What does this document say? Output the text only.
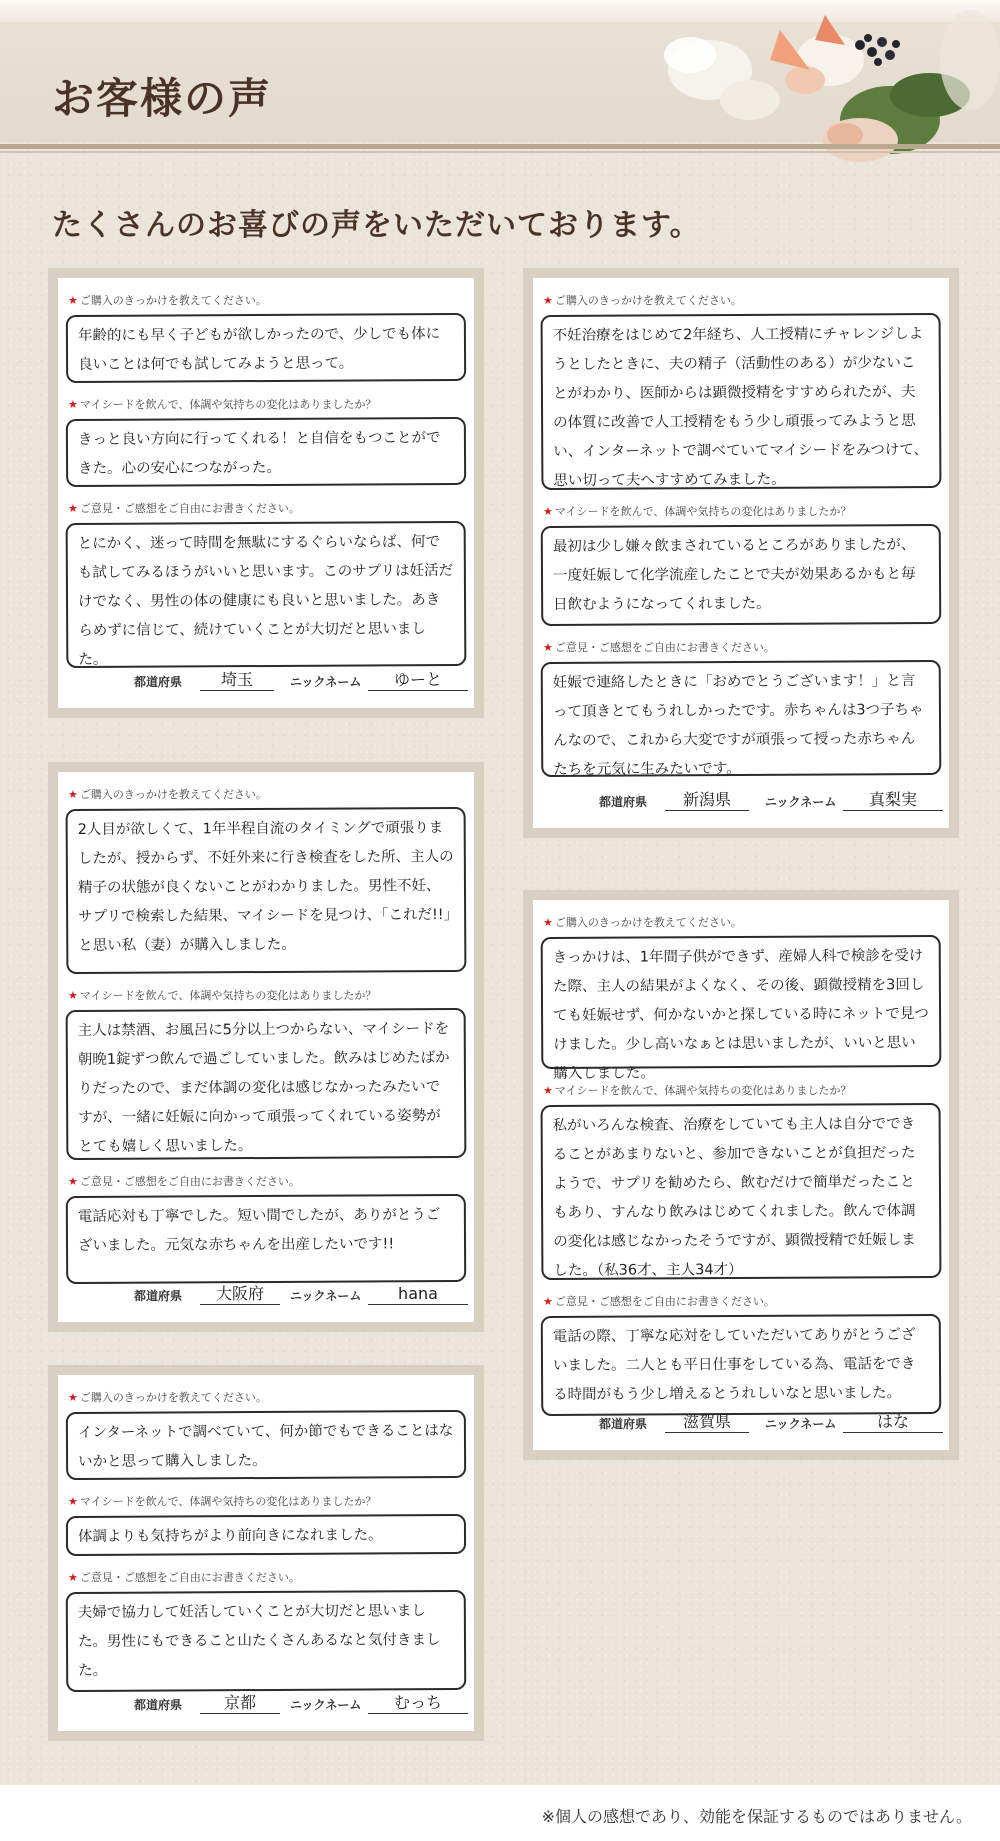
お客様の声
たくさんのお喜びの声をいただいております。
★ ご購入のきっかけを教えてください。
年齢的にも早く子どもが欲しかったので、少しでも体に良いことは何でも試してみようと思って。
★ マイシードを飲んで、体調や気持ちの変化はありましたか？
きっと良い方向に行ってくれる！と自信をもつことができた。心の安心につながった。
★ ご意見・ご感想をご自由にお書きください。
とにかく、迷って時間を無駄にするぐらいならば、何でも試してみるほうがいいと思います。このサプリは妊活だけでなく、男性の体の健康にも良いと思いました。あきらめずに信じて、続けていくことが大切だと思いました。
都道府県	埼玉	ニックネーム	ゆーと
★ ご購入のきっかけを教えてください。
不妊治療をはじめて2年経ち、人工授精にチャレンジしようとしたときに、夫の精子（活動性のある）が少ないことがわかり、医師からは顕微授精をすすめられたが、夫の体質に改善で人工授精をもう少し頑張ってみようと思い、インターネットで調べていてマイシードをみつけて、思い切って夫へすすめてみました。
★ マイシードを飲んで、体調や気持ちの変化はありましたか？
最初は少し嫌々飲まされているところがありましたが、一度妊娠して化学流産したことで夫が効果あるかもと毎日飲むようになってくれました。
★ ご意見・ご感想をご自由にお書きください。
妊娠で連絡したときに「おめでとうございます！」と言って頂きとてもうれしかったです。赤ちゃんは3つ子ちゃんなので、これから大変ですが頑張って授った赤ちゃんたちを元気に生みたいです。
都道府県	新潟県	ニックネーム	真梨実
★ ご購入のきっかけを教えてください。
2人目が欲しくて、1年半程自流のタイミングで頑張りましたが、授からず、不妊外来に行き検査をした所、主人の精子の状態が良くないことがわかりました。男性不妊、サプリで検索した結果、マイシードを見つけ、「これだ!!」と思い私（妻）が購入しました。
★ マイシードを飲んで、体調や気持ちの変化はありましたか？
主人は禁酒、お風呂に5分以上つからない、マイシードを朝晩1錠ずつ飲んで過ごしていました。飲みはじめたばかりだったので、まだ体調の変化は感じなかったみたいですが、一緒に妊娠に向かって頑張ってくれている姿勢がとても嬉しく思いました。
★ ご意見・ご感想をご自由にお書きください。
電話応対も丁寧でした。短い間でしたが、ありがとうございました。元気な赤ちゃんを出産したいです!!
都道府県	大阪府	ニックネーム	hana
★ ご購入のきっかけを教えてください。
きっかけは、1年間子供ができず、産婦人科で検診を受けた際、主人の結果がよくなく、その後、顕微授精を3回しても妊娠せず、何かないかと探している時にネットで見つけました。少し高いなぁとは思いましたが、いいと思い購入しました。
★ マイシードを飲んで、体調や気持ちの変化はありましたか？
私がいろんな検査、治療をしていても主人は自分でできることがあまりないと、参加できないことが負担だったようで、サプリを勧めたら、飲むだけで簡単だったこともあり、すんなり飲みはじめてくれました。飲んで体調の変化は感じなかったそうですが、顕微授精で妊娠しました。（私36才、主人34才）
★ ご意見・ご感想をご自由にお書きください。
電話の際、丁寧な応対をしていただいてありがとうございました。二人とも平日仕事をしている為、電話をできる時間がもう少し増えるとうれしいなと思いました。
都道府県	滋賀県	ニックネーム	はな
★ ご購入のきっかけを教えてください。
インターネットで調べていて、何か節でもできることはないかと思って購入しました。
★ マイシードを飲んで、体調や気持ちの変化はありましたか？
体調よりも気持ちがより前向きになれました。
★ ご意見・ご感想をご自由にお書きください。
夫婦で協力して妊活していくことが大切だと思いました。男性にもできること山たくさんあるなと気付きました。
都道府県	京都	ニックネーム	むっち
※個人の感想であり、効能を保証するものではありません。
